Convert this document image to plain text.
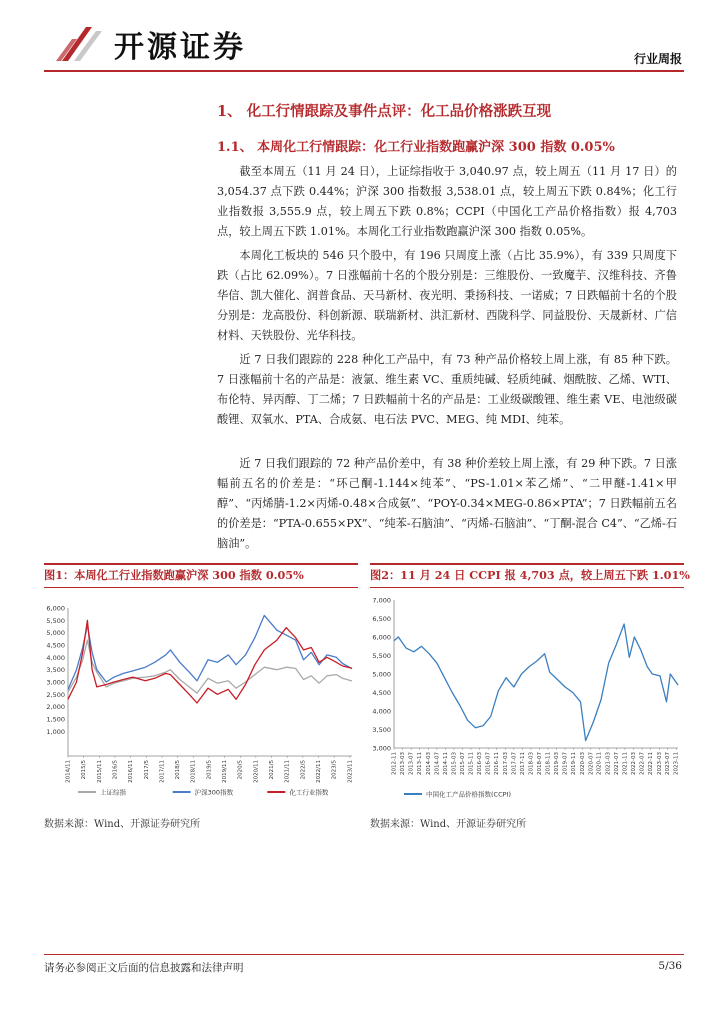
开源证券	行业周报
1、 化工行情跟踪及事件点评：化工品价格涨跌互现
1.1、 本周化工行情跟踪：化工行业指数跑赢沪深 300 指数 0.05%

截至本周五（11 月 24 日），上证综指收于 3,040.97 点，较上周五（11 月 17 日）的 3,054.37 点下跌 0.44%；沪深 300 指数报 3,538.01 点，较上周五下跌 0.84%；化工行业指数报 3,555.9 点，较上周五下跌 0.8%；CCPI（中国化工产品价格指数）报 4,703 点，较上周五下跌 1.01%。本周化工行业指数跑赢沪深 300 指数 0.05%。

本周化工板块的 546 只个股中，有 196 只周度上涨（占比 35.9%），有 339 只周度下跌（占比 62.09%）。7 日涨幅前十名的个股分别是：三维股份、一致魔芋、汉维科技、齐鲁华信、凯大催化、润普食品、天马新材、夜光明、秉扬科技、一诺威；7 日跌幅前十名的个股分别是：龙高股份、科创新源、联瑞新材、洪汇新材、西陇科学、同益股份、天晟新材、广信材料、天铁股份、光华科技。

近 7 日我们跟踪的 228 种化工产品中，有 73 种产品价格较上周上涨，有 85 种下跌。7 日涨幅前十名的产品是：液氯、维生素 VC、重质纯碱、轻质纯碱、烟酰胺、乙烯、WTI、布伦特、异丙醇、丁二烯；7 日跌幅前十名的产品是：工业级碳酸锂、维生素 VE、电池级碳酸锂、双氧水、PTA、合成氨、电石法 PVC、MEG、纯 MDI、纯苯。

近 7 日我们跟踪的 72 种产品价差中，有 38 种价差较上周上涨，有 29 种下跌。7 日涨幅前五名的价差是：“环己酮-1.144×纯苯”、“PS-1.01×苯乙烯”、“二甲醚-1.41×甲醇”、“丙烯腈-1.2×丙烯-0.48×合成氨”、“POY-0.34×MEG-0.86×PTA”；7 日跌幅前五名的价差是：“PTA-0.655×PX”、“纯苯-石脑油”、“丙烯-石脑油”、“丁酮-混合 C4”、“乙烯-石脑油”。

图1：本周化工行业指数跑赢沪深 300 指数 0.05%	图2：11 月 24 日 CCPI 报 4,703 点，较上周五下跌 1.01%
6,000
5,500
5,000
4,500
4,000
3,500
3,000
2,500
2,000
1,500
1,000
2014/11 2015/5 2015/11 2016/5 2016/11 2017/5 2017/11 2018/5 2018/11 2019/5 2019/11 2020/5 2020/11 2021/5 2021/11 2022/5 2022/11 2023/5 2023/11
上证综指	沪深300指数	化工行业指数
7,000
6,500
6,000
5,500
5,000
4,500
4,000
3,500
3,000
2012-11 2013-03 2013-07 2013-11 2014-03 2014-07 2014-11 2015-03 2015-07 2015-11 2016-03 2016-07 2016-11 2017-03 2017-07 2017-11 2018-03 2018-07 2018-11 2019-03 2019-07 2019-11 2020-03 2020-07 2020-11 2021-03 2021-07 2021-11 2022-03 2022-07 2022-11 2023-03 2023-07 2023-11
中国化工产品价格指数(CCPI)
数据来源：Wind、开源证券研究所	数据来源：Wind、开源证券研究所
请务必参阅正文后面的信息披露和法律声明	5/36
